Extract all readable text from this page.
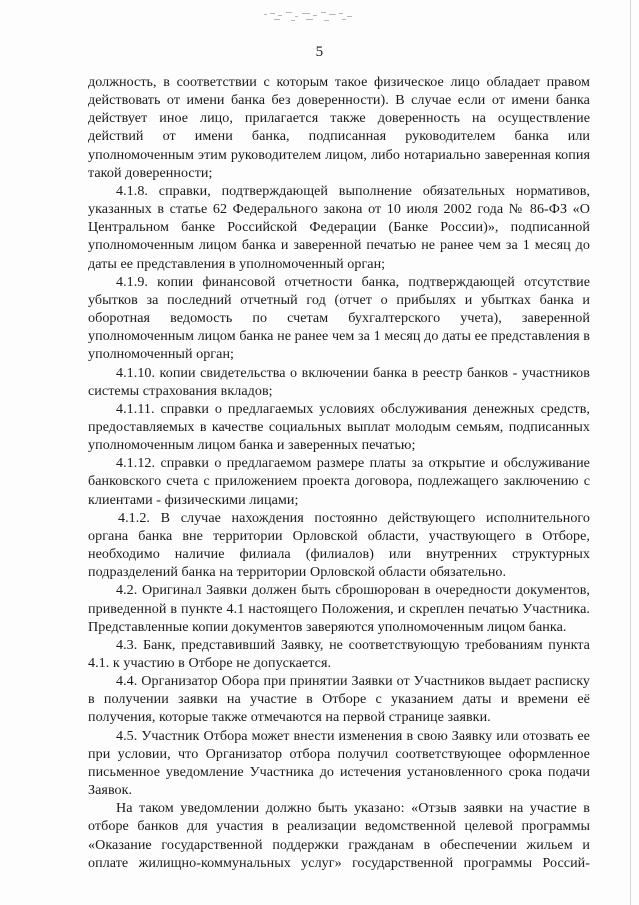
5

должность, в соответствии с которым такое физическое лицо обладает правом действовать от имени банка без доверенности). В случае если от имени банка действует иное лицо, прилагается также доверенность на осуществление действий от имени банка, подписанная руководителем банка или уполномоченным этим руководителем лицом, либо нотариально заверенная копия такой доверенности;

4.1.8. справки, подтверждающей выполнение обязательных нормативов, указанных в статье 62 Федерального закона от 10 июля 2002 года № 86-ФЗ «О Центральном банке Российской Федерации (Банке России)», подписанной уполномоченным лицом банка и заверенной печатью не ранее чем за 1 месяц до даты ее представления в уполномоченный орган;

4.1.9. копии финансовой отчетности банка, подтверждающей отсутствие убытков за последний отчетный год (отчет о прибылях и убытках банка и оборотная ведомость по счетам бухгалтерского учета), заверенной уполномоченным лицом банка не ранее чем за 1 месяц до даты ее представления в уполномоченный орган;

4.1.10. копии свидетельства о включении банка в реестр банков - участников системы страхования вкладов;

4.1.11. справки о предлагаемых условиях обслуживания денежных средств, предоставляемых в качестве социальных выплат молодым семьям, подписанных уполномоченным лицом банка и заверенных печатью;

4.1.12. справки о предлагаемом размере платы за открытие и обслуживание банковского счета с приложением проекта договора, подлежащего заключению с клиентами - физическими лицами;

4.1.2. В случае нахождения постоянно действующего исполнительного органа банка вне территории Орловской области, участвующего в Отборе, необходимо наличие филиала (филиалов) или внутренних структурных подразделений банка на территории Орловской области обязательно.

4.2. Оригинал Заявки должен быть сброшюрован в очередности документов, приведенной в пункте 4.1 настоящего Положения, и скреплен печатью Участника. Представленные копии документов заверяются уполномоченным лицом банка.

4.3. Банк, представивший Заявку, не соответствующую требованиям пункта 4.1. к участию в Отборе не допускается.

4.4. Организатор Обора при принятии Заявки от Участников выдает расписку в получении заявки на участие в Отборе с указанием даты и времени её получения, которые также отмечаются на первой странице заявки.

4.5. Участник Отбора может внести изменения в свою Заявку или отозвать ее при условии, что Организатор отбора получил соответствующее оформленное письменное уведомление Участника до истечения установленного срока подачи Заявок.

На таком уведомлении должно быть указано: «Отзыв заявки на участие в отборе банков для участия в реализации ведомственной целевой программы «Оказание государственной поддержки гражданам в обеспечении жильем и оплате жилищно-коммунальных услуг» государственной программы Россий-
